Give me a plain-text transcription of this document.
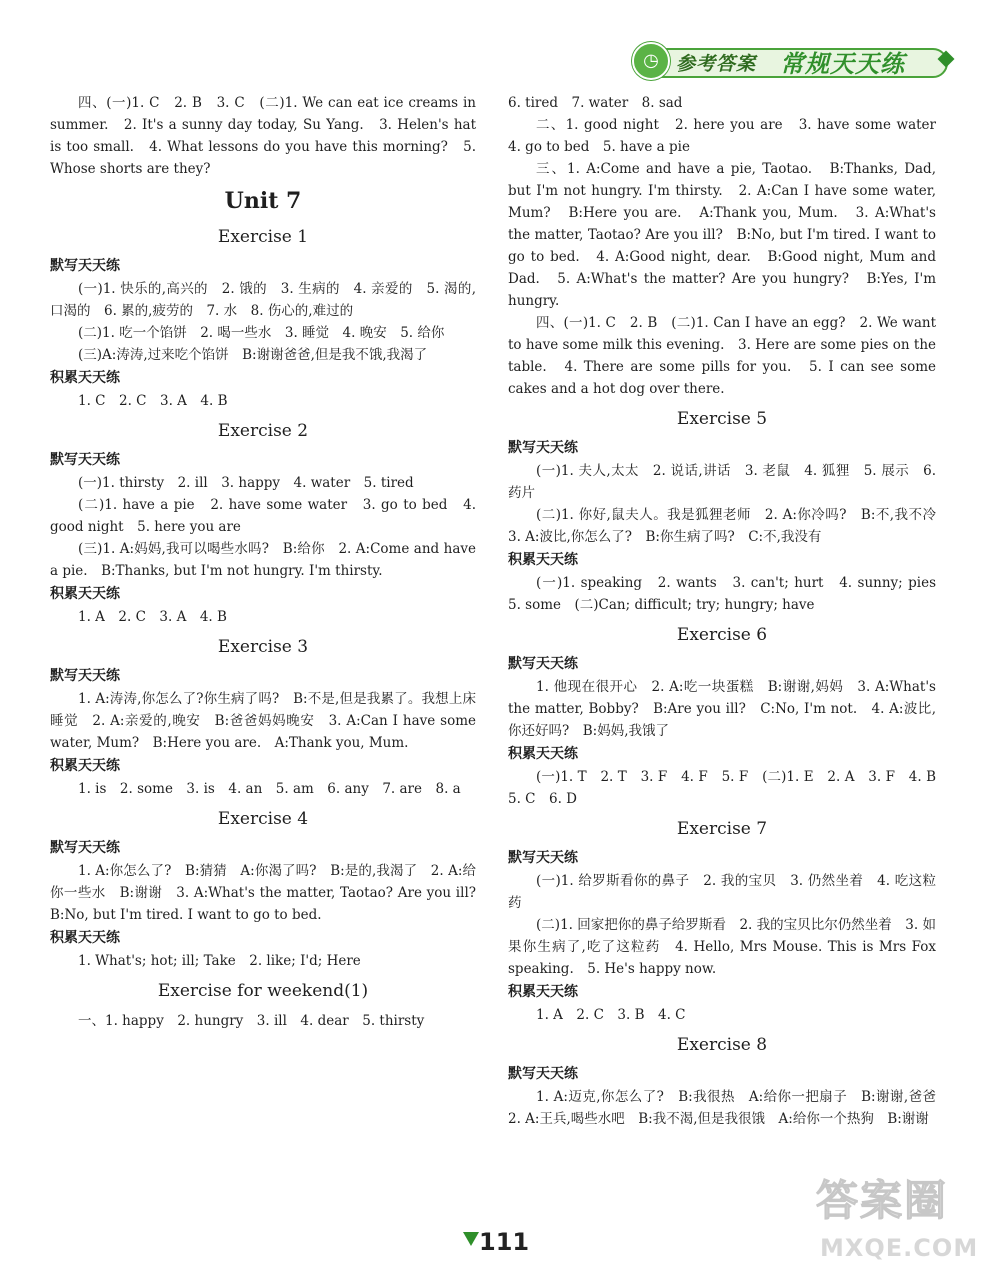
◷ 参考答案 常规天天练

四、(一)1. C　2. B　3. C　(二)1. We can eat ice creams in summer.　2. It's a sunny day today, Su Yang.　3. Helen's hat is too small.　4. What lessons do you have this morning?　5. Whose shorts are they?

Unit 7
Exercise 1
默写天天练

(一)1. 快乐的,高兴的　2. 饿的　3. 生病的　4. 亲爱的　5. 渴的,口渴的　6. 累的,疲劳的　7. 水　8. 伤心的,难过的

(二)1. 吃一个馅饼　2. 喝一些水　3. 睡觉　4. 晚安　5. 给你

(三)A:涛涛,过来吃个馅饼　B:谢谢爸爸,但是我不饿,我渴了

积累天天练

1. C　2. C　3. A　4. B

Exercise 2
默写天天练

(一)1. thirsty　2. ill　3. happy　4. water　5. tired

(二)1. have a pie　2. have some water　3. go to bed　4. good night　5. here you are

(三)1. A:妈妈,我可以喝些水吗?　B:给你　2. A:Come and have a pie.　B:Thanks, but I'm not hungry. I'm thirsty.

积累天天练

1. A　2. C　3. A　4. B

Exercise 3
默写天天练

1. A:涛涛,你怎么了?你生病了吗?　B:不是,但是我累了。我想上床睡觉　2. A:亲爱的,晚安　B:爸爸妈妈晚安　3. A:Can I have some water, Mum?　B:Here you are.　A:Thank you, Mum.

积累天天练

1. is　2. some　3. is　4. an　5. am　6. any　7. are　8. a

Exercise 4
默写天天练

1. A:你怎么了?　B:猜猜　A:你渴了吗?　B:是的,我渴了　2. A:给你一些水　B:谢谢　3. A:What's the matter, Taotao? Are you ill?　B:No, but I'm tired. I want to go to bed.

积累天天练

1. What's; hot; ill; Take　2. like; I'd; Here

Exercise for weekend(1)

一、1. happy　2. hungry　3. ill　4. dear　5. thirsty

6. tired　7. water　8. sad

二、1. good night　2. here you are　3. have some water　4. go to bed　5. have a pie

三、1. A:Come and have a pie, Taotao.　B:Thanks, Dad, but I'm not hungry. I'm thirsty.　2. A:Can I have some water, Mum?　B:Here you are.　A:Thank you, Mum.　3. A:What's the matter, Taotao? Are you ill?　B:No, but I'm tired. I want to go to bed.　4. A:Good night, dear.　B:Good night, Mum and Dad.　5. A:What's the matter? Are you hungry?　B:Yes, I'm hungry.

四、(一)1. C　2. B　(二)1. Can I have an egg?　2. We want to have some milk this evening.　3. Here are some pies on the table.　4. There are some pills for you.　5. I can see some cakes and a hot dog over there.

Exercise 5
默写天天练

(一)1. 夫人,太太　2. 说话,讲话　3. 老鼠　4. 狐狸　5. 展示　6. 药片

(二)1. 你好,鼠夫人。我是狐狸老师　2. A:你冷吗?　B:不,我不冷　3. A:波比,你怎么了?　B:你生病了吗?　C:不,我没有

积累天天练

(一)1. speaking　2. wants　3. can't; hurt　4. sunny; pies　5. some　(二)Can; difficult; try; hungry; have

Exercise 6
默写天天练

1. 他现在很开心　2. A:吃一块蛋糕　B:谢谢,妈妈　3. A:What's the matter, Bobby?　B:Are you ill?　C:No, I'm not.　4. A:波比,你还好吗?　B:妈妈,我饿了

积累天天练

(一)1. T　2. T　3. F　4. F　5. F　(二)1. E　2. A　3. F　4. B　5. C　6. D

Exercise 7
默写天天练

(一)1. 给罗斯看你的鼻子　2. 我的宝贝　3. 仍然坐着　4. 吃这粒药

(二)1. 回家把你的鼻子给罗斯看　2. 我的宝贝比尔仍然坐着　3. 如果你生病了,吃了这粒药　4. Hello, Mrs Mouse. This is Mrs Fox speaking.　5. He's happy now.

积累天天练

1. A　2. C　3. B　4. C

Exercise 8
默写天天练

1. A:迈克,你怎么了?　B:我很热　A:给你一把扇子　B:谢谢,爸爸　2. A:王兵,喝些水吧　B:我不渴,但是我很饿　A:给你一个热狗　B:谢谢

111
答案圈
MXQE.COM
